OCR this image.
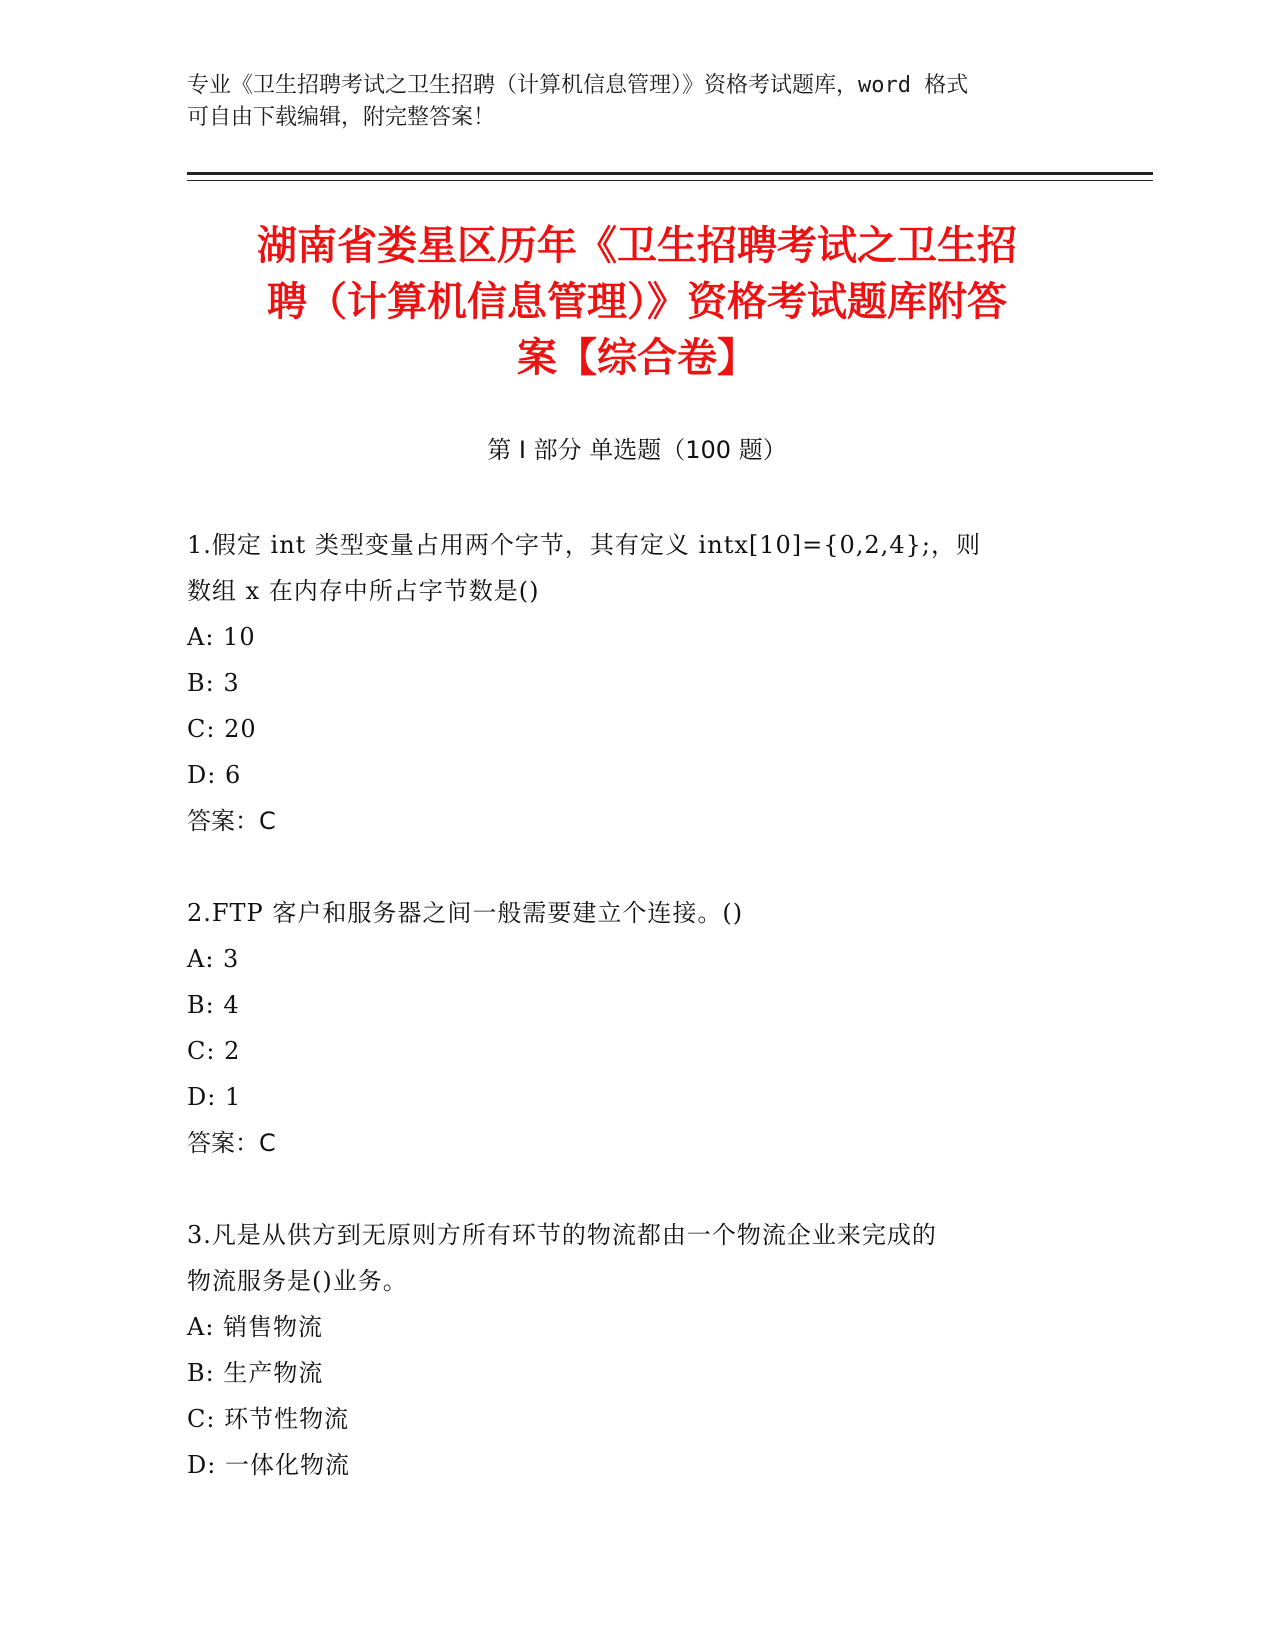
专业《卫生招聘考试之卫生招聘（计算机信息管理）》资格考试题库，word 格式
可自由下载编辑，附完整答案！
湖南省娄星区历年《卫生招聘考试之卫生招
聘（计算机信息管理）》资格考试题库附答
案【综合卷】
第 I 部分 单选题（100 题）

1.假定 int 类型变量占用两个字节，其有定义 intx[10]={0,2,4};，则

数组 x 在内存中所占字节数是()

A: 10

B: 3

C: 20

D: 6

答案：C

2.FTP 客户和服务器之间一般需要建立个连接。()

A: 3

B: 4

C: 2

D: 1

答案：C

3.凡是从供方到无原则方所有环节的物流都由一个物流企业来完成的

物流服务是()业务。

A: 销售物流

B: 生产物流

C: 环节性物流

D: 一体化物流
